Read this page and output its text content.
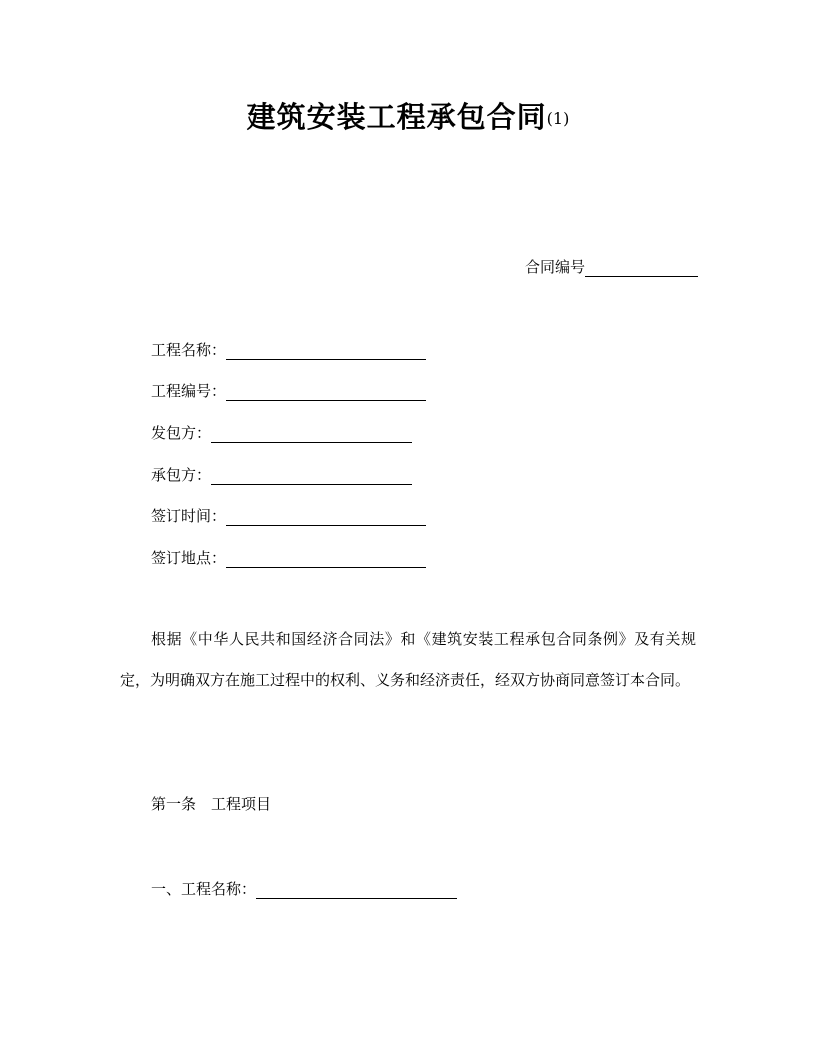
建筑安装工程承包合同(1)
合同编号
工程名称：
工程编号：
发包方：
承包方：
签订时间：
签订地点：
根据《中华人民共和国经济合同法》和《建筑安装工程承包合同条例》及有关规定，为明确双方在施工过程中的权利、义务和经济责任，经双方协商同意签订本合同。
第一条 工程项目
一、工程名称：
